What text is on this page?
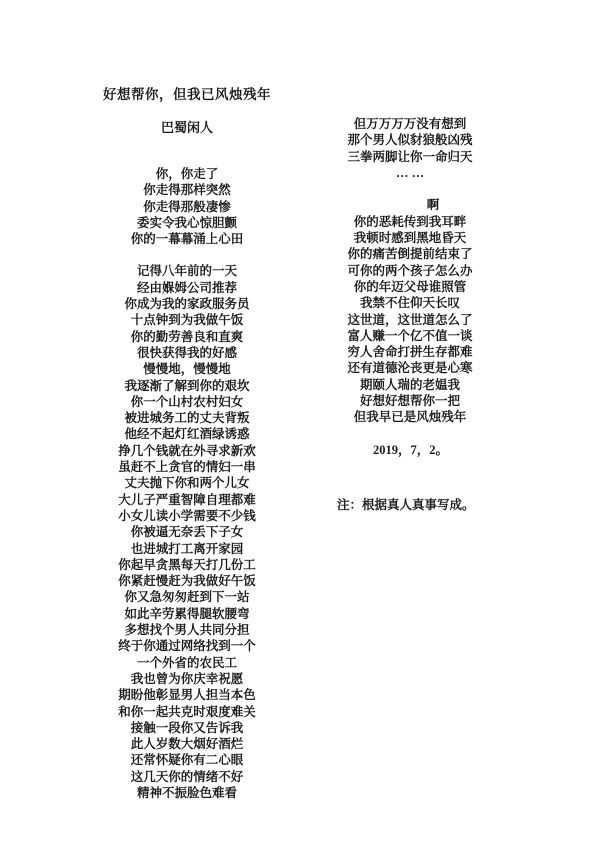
好想帮你，但我已风烛残年
巴蜀闲人
你，你走了
你走得那样突然
你走得那般凄惨
委实令我心惊胆颤
你的一幕幕涌上心田
记得八年前的一天
经由媬姆公司推荐
你成为我的家政服务员
十点钟到为我做午饭
你的勤劳善良和直爽
很快获得我的好感
慢慢地，慢慢地
我逐渐了解到你的艰坎
你一个山村农村妇女
被进城务工的丈夫背叛
他经不起灯红酒绿诱惑
挣几个钱就在外寻求新欢
虽赶不上贪官的情妇一串
丈夫抛下你和两个儿女
大儿子严重智障自理都难
小女儿读小学需要不少钱
你被逼无奈丢下子女
也进城打工离开家园
你起早贪黑每天打几份工
你紧赶慢赶为我做好午饭
你又急匆匆赶到下一站
如此辛劳累得腿软腰弯
多想找个男人共同分担
终于你通过网络找到一个
一个外省的农民工
我也曾为你庆幸祝愿
期盼他彰显男人担当本色
和你一起共克时艰度难关
接触一段你又告诉我
此人岁数大烟好酒烂
还常怀疑你有二心眼
这几天你的情绪不好
精神不振脸色难看
但万万万万没有想到
那个男人似豺狼般凶残
三拳两脚让你一命归天
… …
啊
你的恶耗传到我耳畔
我顿时感到黑地昏天
你的痛苦倒提前结束了
可你的两个孩子怎么办
你的年迈父母谁照管
我禁不住仰天长叹
这世道，这世道怎么了
富人赚一个亿不值一谈
穷人舍命打拼生存都难
还有道德沦丧更是心寒
期颐人瑞的老媪我
好想好想帮你一把
但我早已是风烛残年
2019，7，2。
注：根据真人真事写成。
